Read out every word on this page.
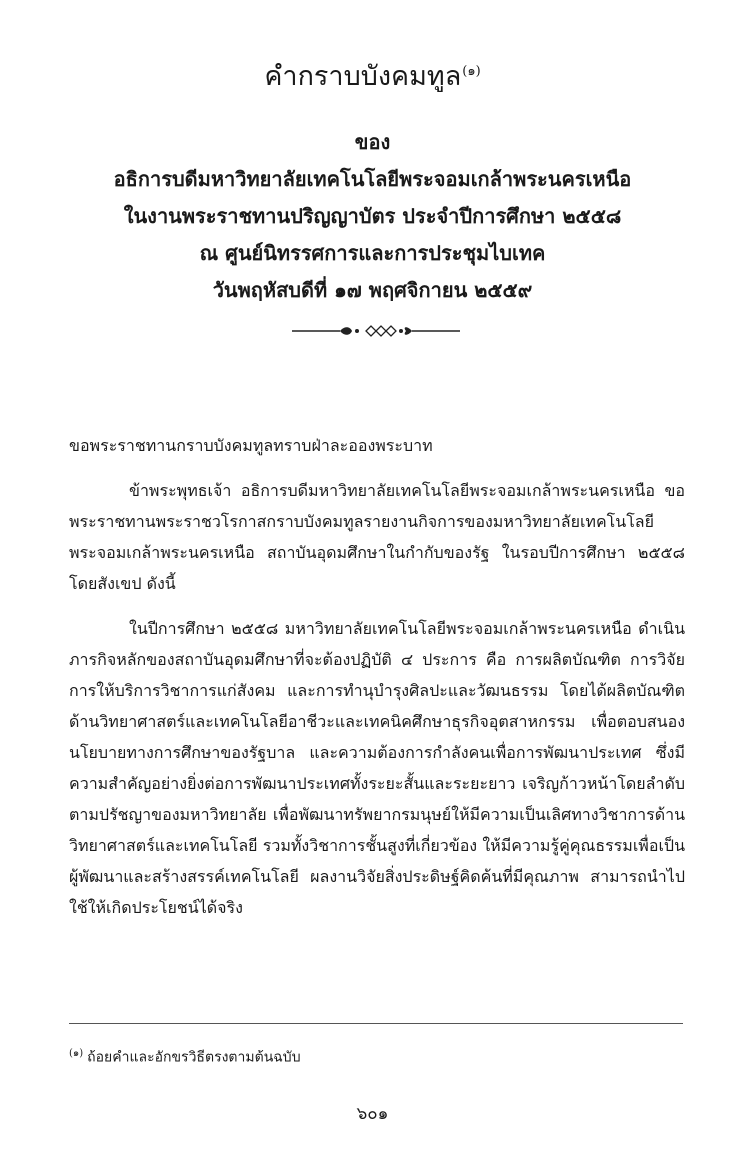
คำกราบบังคมทูล$^{(๑)}$
ของ
อธิการบดีมหาวิทยาลัยเทคโนโลยีพระจอมเกล้าพระนครเหนือ
ในงานพระราชทานปริญญาบัตร ประจำปีการศึกษา ๒๕๕๘
ณ ศูนย์นิทรรศการและการประชุมไบเทค
วันพฤหัสบดีที่ ๑๗ พฤศจิกายน ๒๕๕๙

ขอพระราชทานกราบบังคมทูลทราบฝ่าละอองพระบาท

ข้าพระพุทธเจ้า อธิการบดีมหาวิทยาลัยเทคโนโลยีพระจอมเกล้าพระนครเหนือ ขอพระราชทานพระราชวโรกาสกราบบังคมทูลรายงานกิจการของมหาวิทยาลัยเทคโนโลยีพระจอมเกล้าพระนครเหนือ สถาบันอุดมศึกษาในกำกับของรัฐ ในรอบปีการศึกษา ๒๕๕๘ โดยสังเขป ดังนี้

ในปีการศึกษา ๒๕๕๘ มหาวิทยาลัยเทคโนโลยีพระจอมเกล้าพระนครเหนือ ดำเนินภารกิจหลักของสถาบันอุดมศึกษาที่จะต้องปฏิบัติ ๔ ประการ คือ การผลิตบัณฑิต การวิจัย การให้บริการวิชาการแก่สังคม และการทำนุบำรุงศิลปะและวัฒนธรรม โดยได้ผลิตบัณฑิตด้านวิทยาศาสตร์และเทคโนโลยีอาชีวะและเทคนิคศึกษาธุรกิจอุตสาหกรรม เพื่อตอบสนองนโยบายทางการศึกษาของรัฐบาล และความต้องการกำลังคนเพื่อการพัฒนาประเทศ ซึ่งมีความสำคัญอย่างยิ่งต่อการพัฒนาประเทศทั้งระยะสั้นและระยะยาว เจริญก้าวหน้าโดยลำดับ ตามปรัชญาของมหาวิทยาลัย เพื่อพัฒนาทรัพยากรมนุษย์ให้มีความเป็นเลิศทางวิชาการด้านวิทยาศาสตร์และเทคโนโลยี รวมทั้งวิชาการชั้นสูงที่เกี่ยวข้อง ให้มีความรู้คู่คุณธรรมเพื่อเป็นผู้พัฒนาและสร้างสรรค์เทคโนโลยี ผลงานวิจัยสิ่งประดิษฐ์คิดค้นที่มีคุณภาพ สามารถนำไปใช้ให้เกิดประโยชน์ได้จริง

$^{(๑)}$ ถ้อยคำและอักขรวิธีตรงตามต้นฉบับ
๖๐๑
